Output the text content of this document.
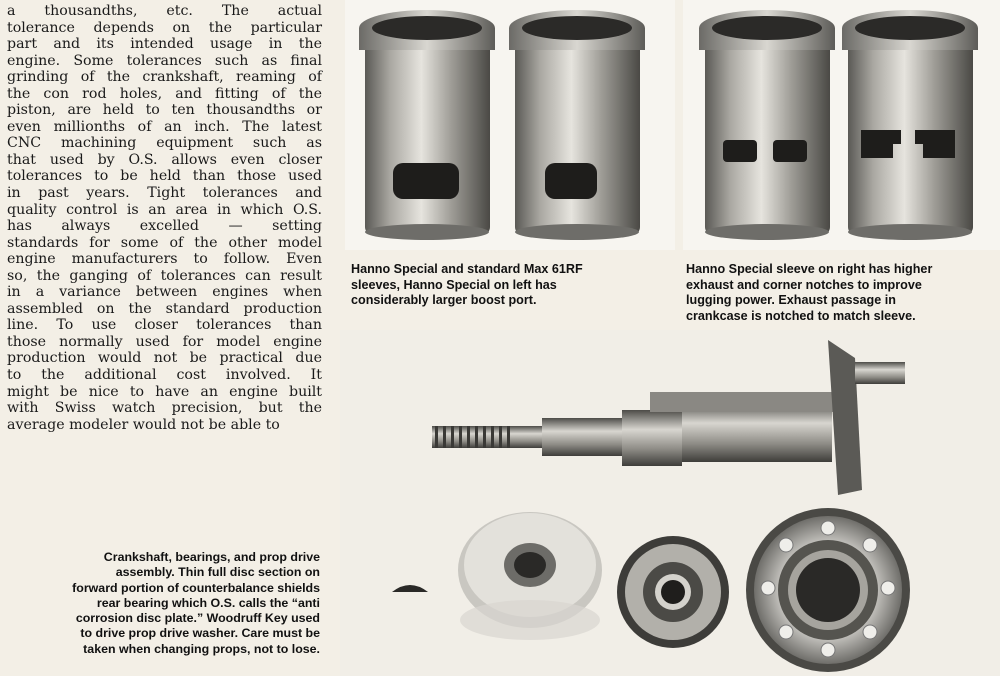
a thousandths, etc. The actual
tolerance depends on the particular
part and its intended usage in the
engine. Some tolerances such as final
grinding of the crankshaft, reaming of
the con rod holes, and fitting of the
piston, are held to ten thousandths or
even millionths of an inch. The latest
CNC machining equipment such as
that used by O.S. allows even closer
tolerances to be held than those used
in past years. Tight tolerances and
quality control is an area in which O.S.
has always excelled — setting
standards for some of the other model
engine manufacturers to follow. Even
so, the ganging of tolerances can result
in a variance between engines when
assembled on the standard production
line. To use closer tolerances than
those normally used for model engine
production would not be practical due
to the additional cost involved. It
might be nice to have an engine built
with Swiss watch precision, but the
average modeler would not be able to
Hanno Special and standard Max 61RF
sleeves, Hanno Special on left has
considerably larger boost port.
Hanno Special sleeve on right has higher
exhaust and corner notches to improve
lugging power. Exhaust passage in
crankcase is notched to match sleeve.
Crankshaft, bearings, and prop drive
assembly. Thin full disc section on
forward portion of counterbalance shields
rear bearing which O.S. calls the “anti
corrosion disc plate.” Woodruff Key used
to drive prop drive washer. Care must be
taken when changing props, not to lose.
